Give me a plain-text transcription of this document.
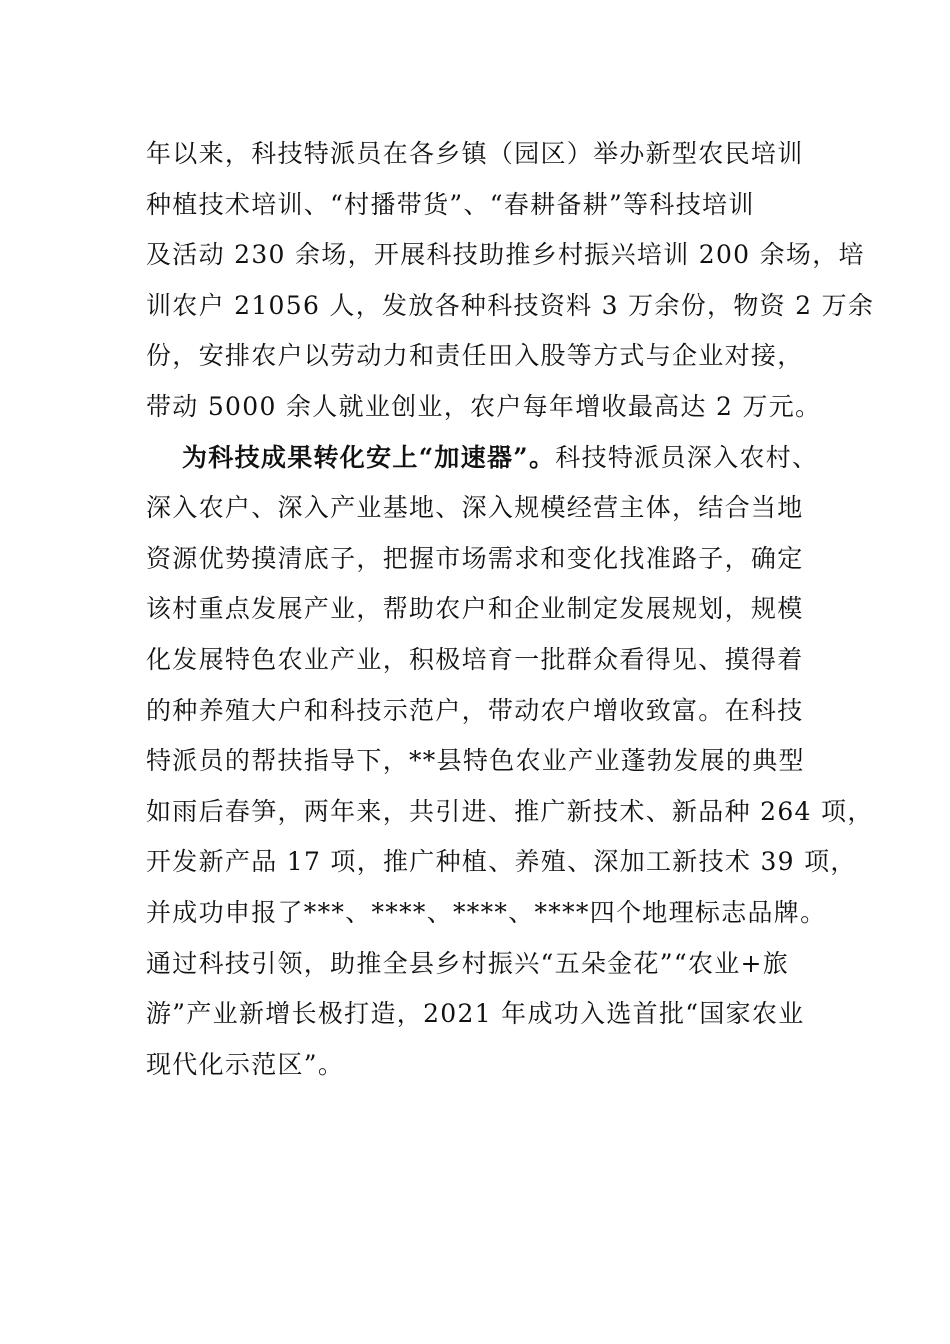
年以来，科技特派员在各乡镇（园区）举办新型农民培训
种植技术培训、“村播带货”、“春耕备耕”等科技培训
及活动 230 余场，开展科技助推乡村振兴培训 200 余场，培
训农户 21056 人，发放各种科技资料 3 万余份，物资 2 万余
份，安排农户以劳动力和责任田入股等方式与企业对接，
带动 5000 余人就业创业，农户每年增收最高达 2 万元。
为科技成果转化安上“加速器”。科技特派员深入农村、
深入农户、深入产业基地、深入规模经营主体，结合当地
资源优势摸清底子，把握市场需求和变化找准路子，确定
该村重点发展产业，帮助农户和企业制定发展规划，规模
化发展特色农业产业，积极培育一批群众看得见、摸得着
的种养殖大户和科技示范户，带动农户增收致富。在科技
特派员的帮扶指导下，**县特色农业产业蓬勃发展的典型
如雨后春笋，两年来，共引进、推广新技术、新品种 264 项，
开发新产品 17 项，推广种植、养殖、深加工新技术 39 项，
并成功申报了***、****、****、****四个地理标志品牌。
通过科技引领，助推全县乡村振兴“五朵金花”“农业+旅
游”产业新增长极打造，2021 年成功入选首批“国家农业
现代化示范区”。
